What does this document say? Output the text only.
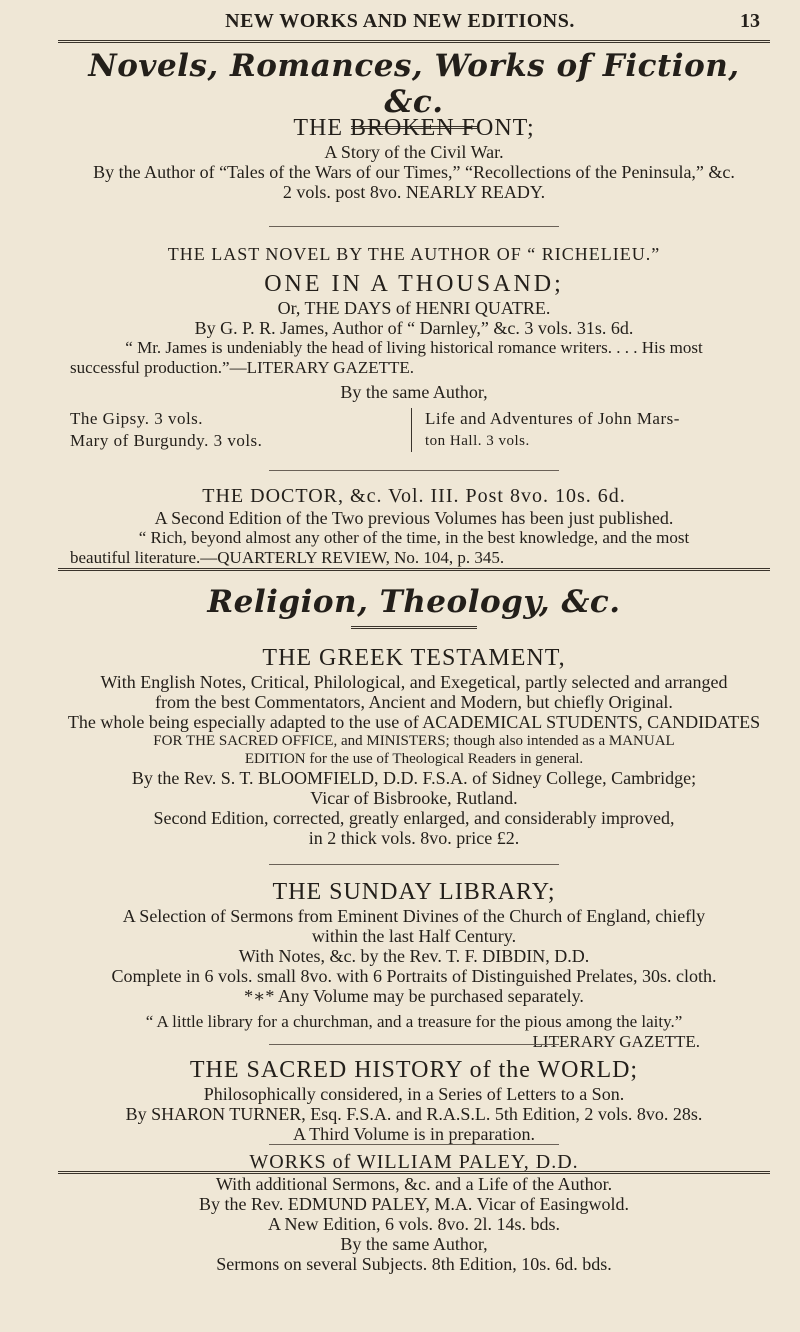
NEW WORKS AND NEW EDITIONS.	13
Novels, Romances, Works of Fiction, &c.
THE BROKEN FONT;
A Story of the Civil War.
By the Author of “Tales of the Wars of our Times,” “Recollections of the Peninsula,” &c.
2 vols. post 8vo. NEARLY READY.
THE LAST NOVEL BY THE AUTHOR OF “ RICHELIEU.”
ONE IN A THOUSAND;
Or, THE DAYS of HENRI QUATRE.
By G. P. R. James, Author of “ Darnley,” &c. 3 vols. 31s. 6d.
“ Mr. James is undeniably the head of living historical romance writers. . . . His most
successful production.”—LITERARY GAZETTE.
By the same Author,
The Gipsy. 3 vols.
Mary of Burgundy. 3 vols.
Life and Adventures of John Mars-
ton Hall. 3 vols.
THE DOCTOR, &c. Vol. III. Post 8vo. 10s. 6d.
A Second Edition of the Two previous Volumes has been just published.
“ Rich, beyond almost any other of the time, in the best knowledge, and the most
beautiful literature.—QUARTERLY REVIEW, No. 104, p. 345.
Religion, Theology, &c.
THE GREEK TESTAMENT,
With English Notes, Critical, Philological, and Exegetical, partly selected and arranged
from the best Commentators, Ancient and Modern, but chiefly Original.
The whole being especially adapted to the use of ACADEMICAL STUDENTS, CANDIDATES
FOR THE SACRED OFFICE, and MINISTERS; though also intended as a MANUAL
EDITION for the use of Theological Readers in general.
By the Rev. S. T. BLOOMFIELD, D.D. F.S.A. of Sidney College, Cambridge;
Vicar of Bisbrooke, Rutland.
Second Edition, corrected, greatly enlarged, and considerably improved,
in 2 thick vols. 8vo. price £2.
THE SUNDAY LIBRARY;
A Selection of Sermons from Eminent Divines of the Church of England, chiefly
within the last Half Century.
With Notes, &c. by the Rev. T. F. DIBDIN, D.D.
Complete in 6 vols. small 8vo. with 6 Portraits of Distinguished Prelates, 30s. cloth.
*∗* Any Volume may be purchased separately.
“ A little library for a churchman, and a treasure for the pious among the laity.”
LITERARY GAZETTE.
THE SACRED HISTORY of the WORLD;
Philosophically considered, in a Series of Letters to a Son.
By SHARON TURNER, Esq. F.S.A. and R.A.S.L. 5th Edition, 2 vols. 8vo. 28s.
A Third Volume is in preparation.
WORKS of WILLIAM PALEY, D.D.
With additional Sermons, &c. and a Life of the Author.
By the Rev. EDMUND PALEY, M.A. Vicar of Easingwold.
A New Edition, 6 vols. 8vo. 2l. 14s. bds.
By the same Author,
Sermons on several Subjects. 8th Edition, 10s. 6d. bds.
